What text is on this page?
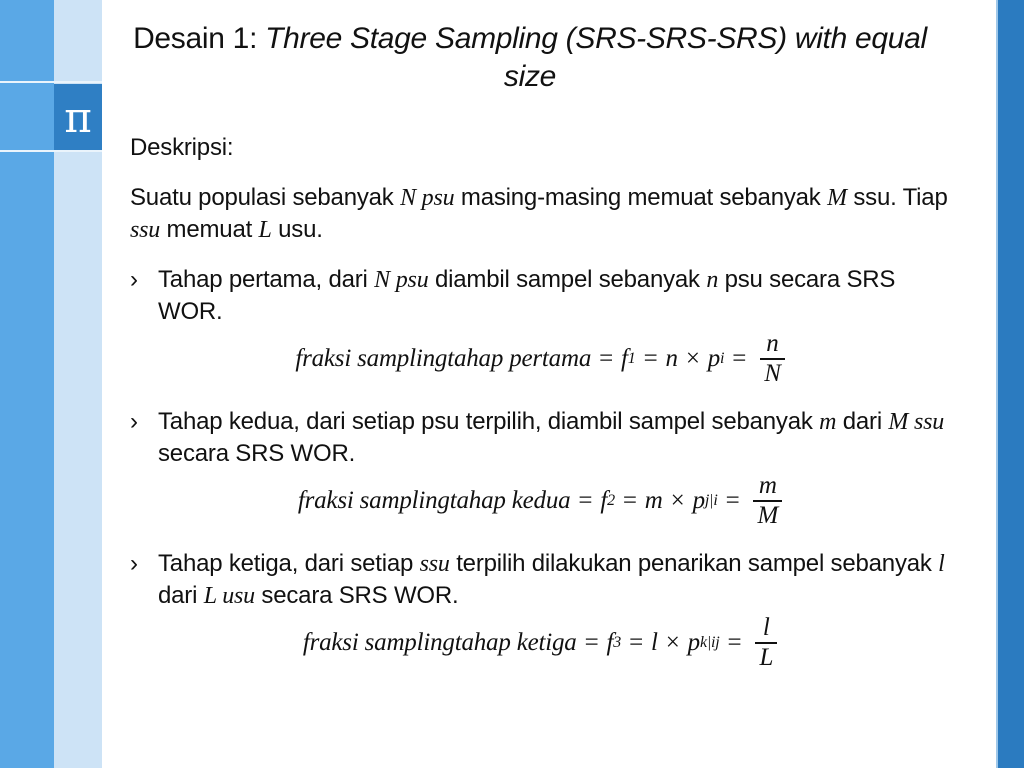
π
Desain 1: Three Stage Sampling (SRS-SRS-SRS) with equal size

Deskripsi:

Suatu populasi sebanyak N psu masing-masing memuat sebanyak M ssu. Tiap ssu memuat L usu.

› Tahap pertama, dari N psu diambil sampel sebanyak n psu secara SRS WOR.
fraksi samplingtahap pertama = f 1 = n × p $i = \frac{n}{N}$
› Tahap kedua, dari setiap psu terpilih, diambil sampel sebanyak m dari M ssu secara SRS WOR.
fraksi samplingtahap kedua = f 2 = m × p $j|i = \frac{m}{M}$
› Tahap ketiga, dari setiap ssu terpilih dilakukan penarikan sampel sebanyak l dari L usu secara SRS WOR.
fraksi samplingtahap ketiga = f 3 = l × p $k|ij = \frac{l}{L}$
